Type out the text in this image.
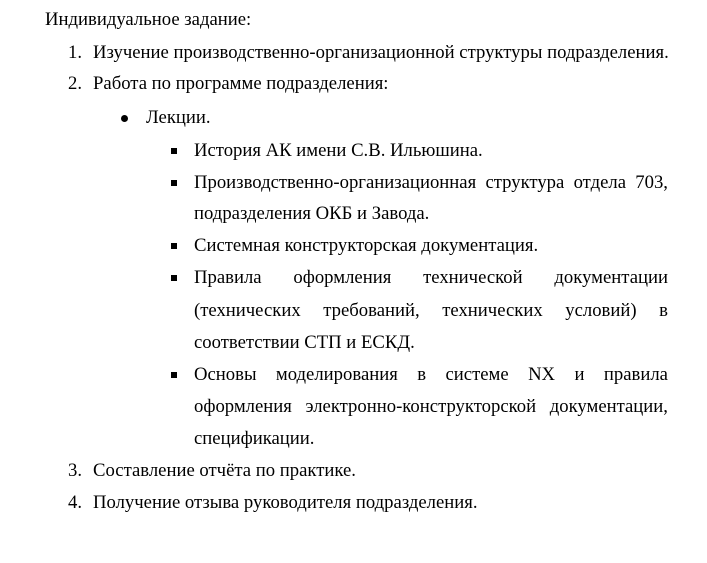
Индивидуальное задание:
1. Изучение производственно-организационной структуры подразделения.
2. Работа по программе подразделения:
Лекции.
История АК имени С.В. Ильюшина.
Производственно-организационная структура отдела 703,
подразделения ОКБ и Завода.
Системная конструкторская документация.
Правила оформления технической документации
(технических требований, технических условий) в
соответствии СТП и ЕСКД.
Основы моделирования в системе NX и правила
оформления электронно-конструкторской документации,
спецификации.
3. Составление отчёта по практике.
4. Получение отзыва руководителя подразделения.
